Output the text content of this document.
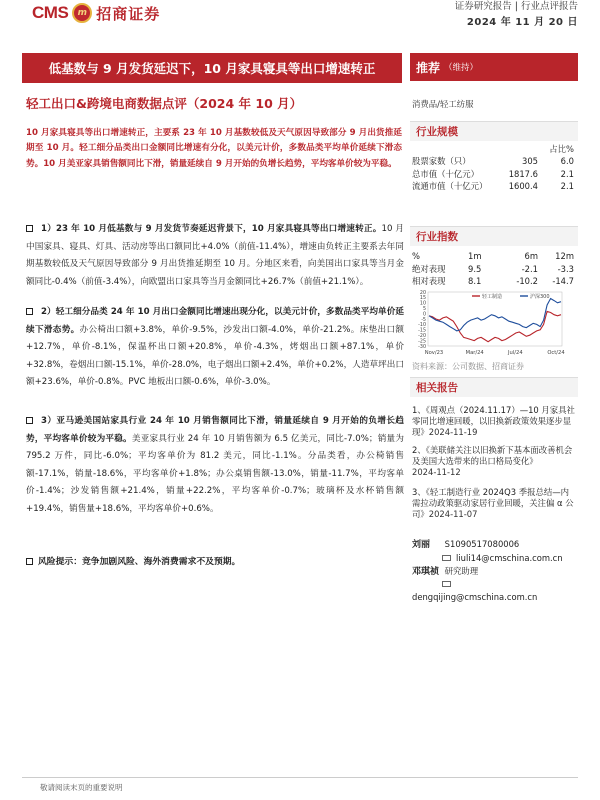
CMS	m 招商证券	证券研究报告 | 行业点评报告
2024 年 11 月 20 日
低基数与 9 月发货延迟下，10 月家具寝具等出口增速转正
轻工出口&跨境电商数据点评（2024 年 10 月）
10 月家具寝具等出口增速转正，主要系 23 年 10 月基数较低及天气原因导致部分 9 月出货推延期至 10 月。轻工细分品类出口金额同比增速有分化，以美元计价，多数品类平均单价延续下滑态势。10 月美亚家具销售额同比下滑，销量延续自 9 月开始的负增长趋势，平均客单价较为平稳。
1）23 年 10 月低基数与 9 月发货节奏延迟背景下，10 月家具寝具等出口增速转正。10 月中国家具、寝具、灯具、活动房等出口额同比+4.0%（前值-11.4%），增速由负转正主要系去年同期基数较低及天气原因导致部分 9 月出货推延期至 10 月。分地区来看，向美国出口家具等当月金额同比-0.4%（前值-3.4%），向欧盟出口家具等当月金额同比+26.7%（前值+21.1%）。
2）轻工细分品类 24 年 10 月出口金额同比增速出现分化，以美元计价，多数品类平均单价延续下滑态势。办公椅出口额+3.8%，单价-9.5%，沙发出口额-4.0%，单价-21.2%。床垫出口额+12.7%，单价-8.1%，保温杯出口额+20.8%，单价-4.3%，烤烟出口额+87.1%，单价+32.8%，卷烟出口额-15.1%，单价-28.0%，电子烟出口额+2.4%，单价+0.2%，人造草坪出口额+23.6%，单价-0.8%。PVC 地板出口额-0.6%，单价-3.0%。
3）亚马逊美国站家具行业 24 年 10 月销售额同比下滑，销量延续自 9 月开始的负增长趋势，平均客单价较为平稳。美亚家具行业 24 年 10 月销售额为 6.5 亿美元，同比-7.0%；销量为 795.2 万件，同比-6.0%；平均客单价为 81.2 美元，同比-1.1%。分品类看，办公椅销售额-17.1%，销量-18.6%，平均客单价+1.8%；办公桌销售额-13.0%，销量-11.7%，平均客单价-1.4%；沙发销售额+21.4%，销量+22.2%，平均客单价-0.7%；玻璃杯及水杯销售额+19.4%，销售量+18.6%，平均客单价+0.6%。
风险提示：竞争加剧风险、海外消费需求不及预期。
推荐 （维持）
消费品/轻工纺服
行业规模
占比%
股票家数（只）	305	6.0
总市值（十亿元）	1817.6	2.1
流通市值（十亿元）	1600.4	2.1
行业指数
%	1m	6m	12m
绝对表现	9.5	-2.1	-3.3
相对表现	8.1	-10.2	-14.7
20
15
10
5
0
-5
-10
-15
-20
-25
-30
Nov/23	Mar/24	Jul/24	Oct/24
轻工制造	沪深300
资料来源：公司数据、招商证券
相关报告
1、《周观点（2024.11.17）—10 月家具社零同比增速回暖，以旧换新政策效果逐步显现》2024-11-19
2、《美联储关注以旧换新下基本面改善机会及美国大选带来的出口格局变化》
2024-11-12
3、《轻工制造行业 2024Q3 季报总结—内需拉动政策驱动家居行业回暖，关注偏 α 公司》2024-11-07
刘丽 S1090517080006
liuli14@cmschina.com.cn
邓琪祯 研究助理
dengqijing@cmschina.com.cn
敬请阅读末页的重要说明
